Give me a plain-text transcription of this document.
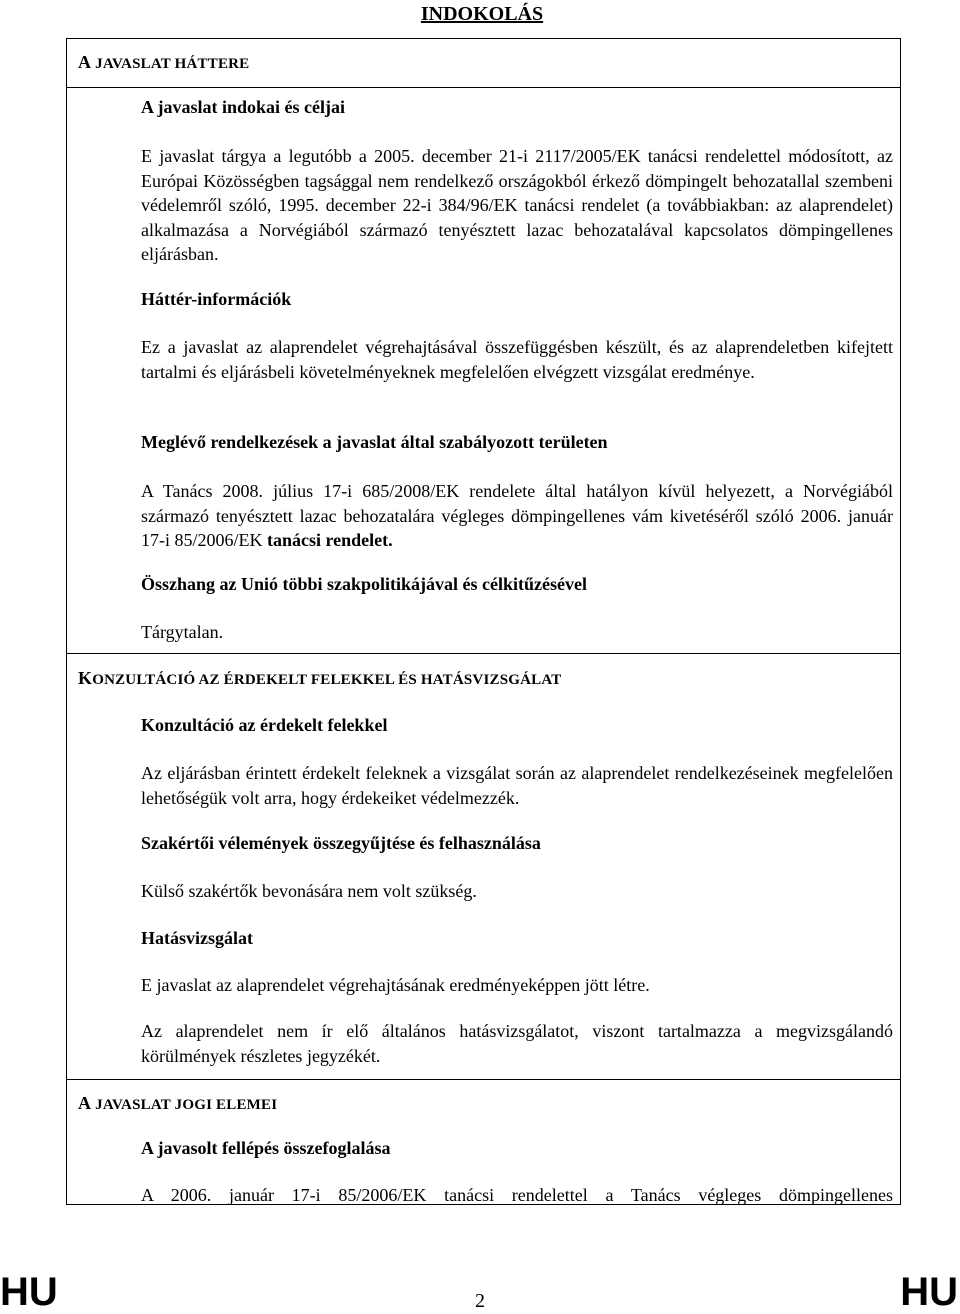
INDOKOLÁS
A JAVASLAT HÁTTERE
A javaslat indokai és céljai
E javaslat tárgya a legutóbb a 2005. december 21-i 2117/2005/EK tanácsi rendelettel módosított, az Európai Közösségben tagsággal nem rendelkező országokból érkező dömpingelt behozatallal szembeni védelemről szóló, 1995. december 22-i 384/96/EK tanácsi rendelet (a továbbiakban: az alaprendelet) alkalmazása a Norvégiából származó tenyésztett lazac behozatalával kapcsolatos dömpingellenes eljárásban.
Háttér-információk
Ez a javaslat az alaprendelet végrehajtásával összefüggésben készült, és az alaprendeletben kifejtett tartalmi és eljárásbeli követelményeknek megfelelően elvégzett vizsgálat eredménye.
Meglévő rendelkezések a javaslat által szabályozott területen
A Tanács 2008. július 17-i 685/2008/EK rendelete által hatályon kívül helyezett, a Norvégiából származó tenyésztett lazac behozatalára végleges dömpingellenes vám kivetéséről szóló 2006. január 17-i 85/2006/EK tanácsi rendelet.
Összhang az Unió többi szakpolitikájával és célkitűzésével
Tárgytalan.
KONZULTÁCIÓ AZ ÉRDEKELT FELEKKEL ÉS HATÁSVIZSGÁLAT
Konzultáció az érdekelt felekkel
Az eljárásban érintett érdekelt feleknek a vizsgálat során az alaprendelet rendelkezéseinek megfelelően lehetőségük volt arra, hogy érdekeiket védelmezzék.
Szakértői vélemények összegyűjtése és felhasználása
Külső szakértők bevonására nem volt szükség.
Hatásvizsgálat
E javaslat az alaprendelet végrehajtásának eredményeképpen jött létre.
Az alaprendelet nem ír elő általános hatásvizsgálatot, viszont tartalmazza a megvizsgálandó körülmények részletes jegyzékét.
A JAVASLAT JOGI ELEMEI
A javasolt fellépés összefoglalása
A 2006. január 17-i 85/2006/EK tanácsi rendelettel a Tanács végleges dömpingellenes
HU	2	HU
